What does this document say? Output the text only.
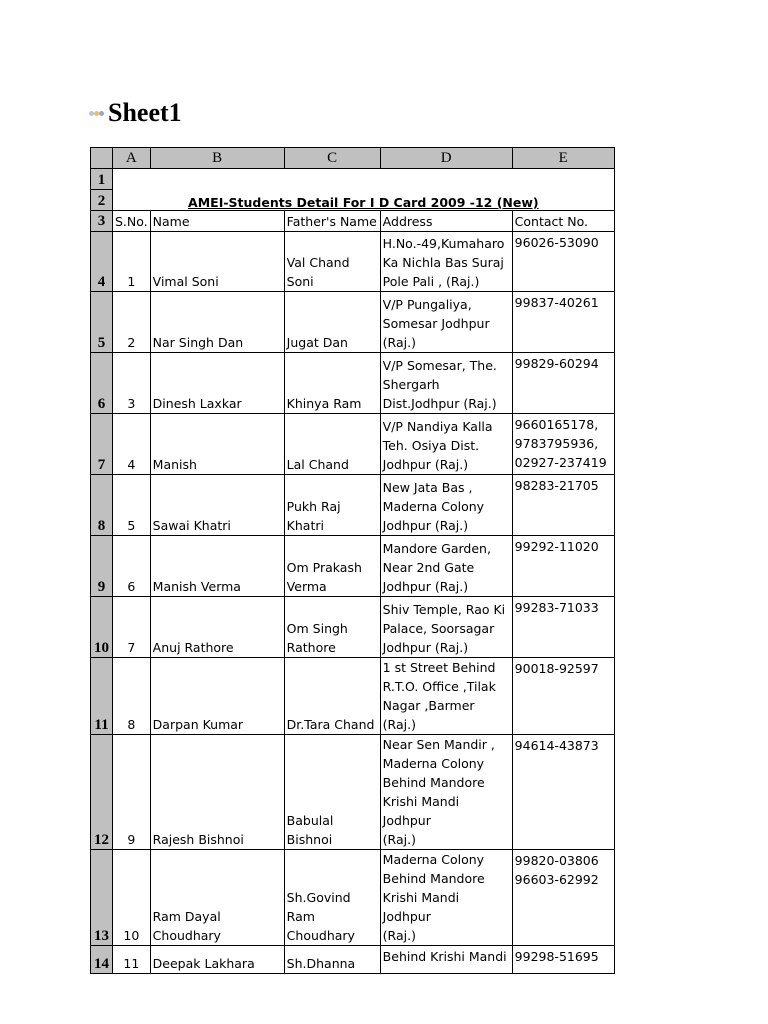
Sheet1
	A	B	C	D	E
1	AMEI-Students Detail For I D Card 2009 -12 (New)				
2					
3	S.No.	Name	Father's Name	Address	Contact No.
4	1	Vimal Soni	Val Chand
Soni	H.No.-49,Kumaharo
Ka Nichla Bas Suraj
Pole Pali , (Raj.)	96026-53090
5	2	Nar Singh Dan	Jugat Dan	V/P Pungaliya,
Somesar Jodhpur
(Raj.)	99837-40261
6	3	Dinesh Laxkar	Khinya Ram	V/P Somesar, The.
Shergarh
Dist.Jodhpur (Raj.)	99829-60294
7	4	Manish	Lal Chand	V/P Nandiya Kalla
Teh. Osiya Dist.
Jodhpur (Raj.)	9660165178,
9783795936,
02927-237419
8	5	Sawai Khatri	Pukh Raj Khatri	New Jata Bas ,
Maderna Colony
Jodhpur (Raj.)	98283-21705
9	6	Manish Verma	Om Prakash
Verma	Mandore Garden,
Near 2nd Gate
Jodhpur (Raj.)	99292-11020
10	7	Anuj Rathore	Om Singh
Rathore	Shiv Temple, Rao Ki
Palace, Soorsagar
Jodhpur (Raj.)	99283-71033
11	8	Darpan Kumar	Dr.Tara Chand	1 st Street Behind
R.T.O. Office ,Tilak
Nagar ,Barmer (Raj.)	90018-92597
12	9	Rajesh Bishnoi	Babulal
Bishnoi	Near Sen Mandir ,
Maderna Colony
Behind Mandore
Krishi Mandi Jodhpur
(Raj.)	94614-43873
13	10	Ram Dayal
Choudhary	Sh.Govind Ram
Choudhary	Maderna Colony
Behind Mandore
Krishi Mandi Jodhpur
(Raj.)	99820-03806
96603-62992
14	11	Deepak Lakhara	Sh.Dhanna	Behind Krishi Mandi	99298-51695
